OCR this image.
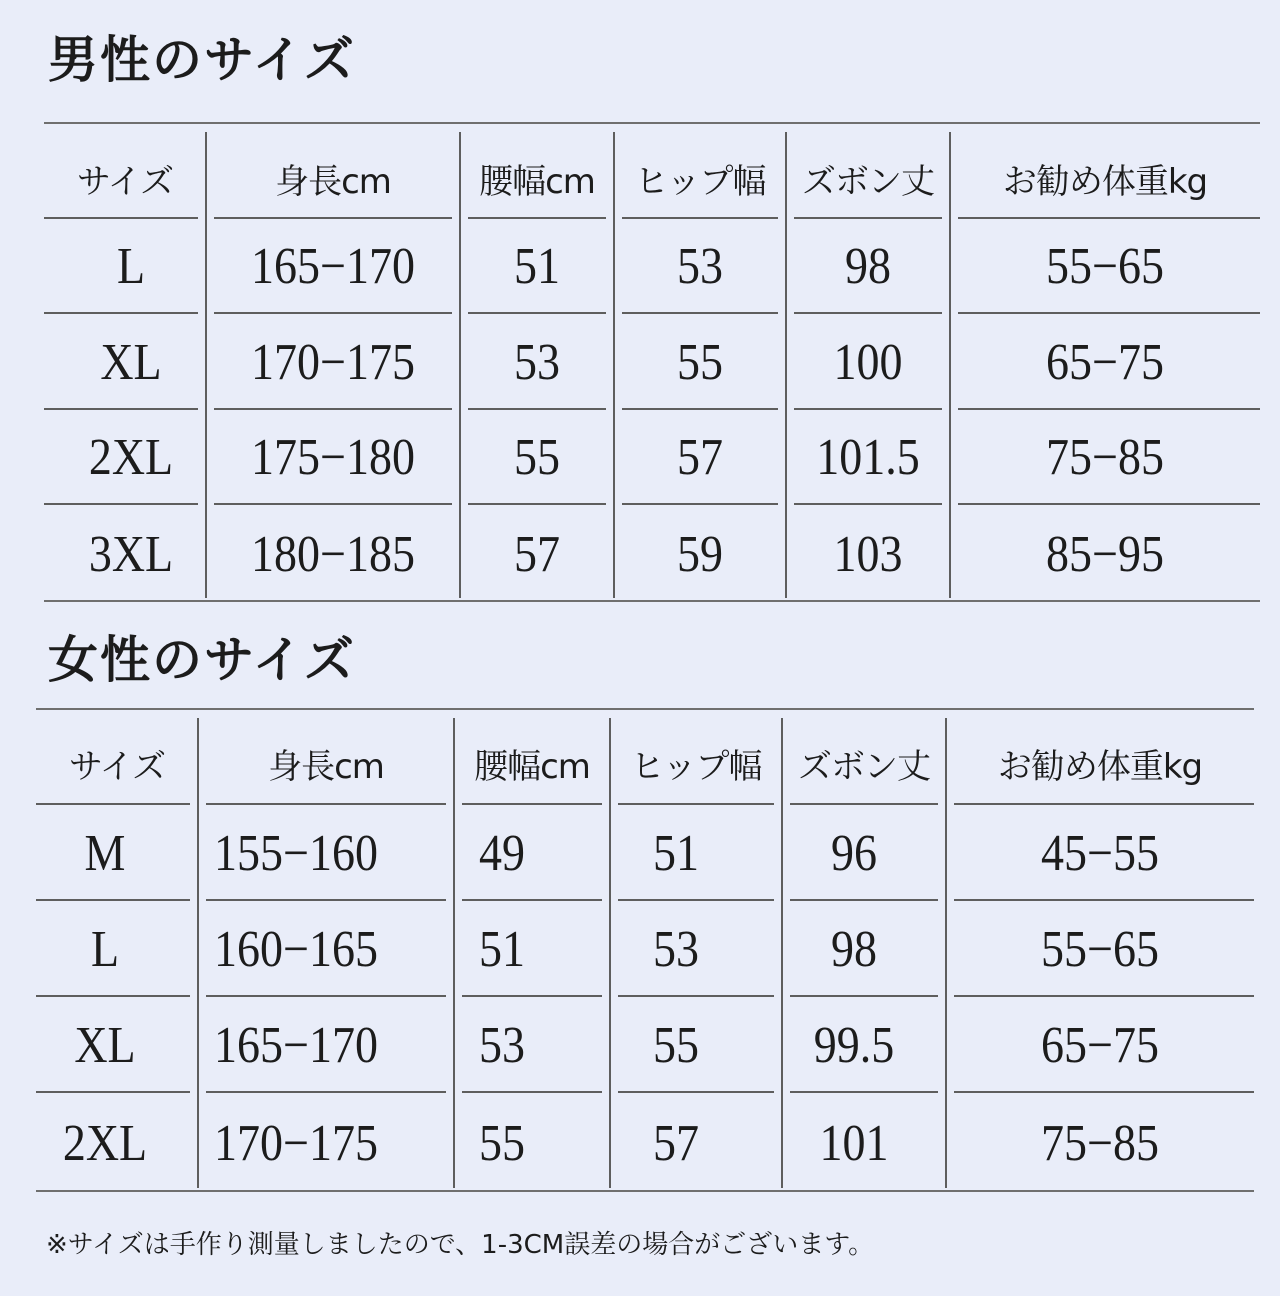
男性のサイズ
サイズ	身長cm	腰幅cm	ヒップ幅	ズボン丈	お勧め体重kg
L	165−170	51	53	98	55−65
XL	170−175	53	55	100	65−75
2XL	175−180	55	57	101.5	75−85
3XL	180−185	57	59	103	85−95
女性のサイズ
サイズ	身長cm	腰幅cm	ヒップ幅	ズボン丈	お勧め体重kg
M	155−160	49	51	96	45−55
L	160−165	51	53	98	55−65
XL	165−170	53	55	99.5	65−75
2XL	170−175	55	57	101	75−85
※サイズは手作り測量しましたので、1-3CM誤差の場合がございます。
